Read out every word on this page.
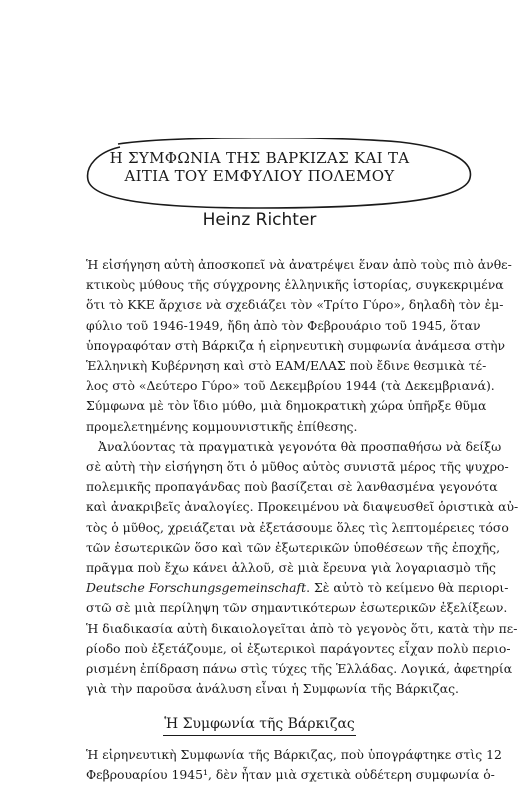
Η ΣΥΜΦΩΝΙΑ ΤΗΣ ΒΑΡΚΙΖΑΣ ΚΑΙ ΤΑ
ΑΙΤΙΑ ΤΟΥ ΕΜΦΥΛΙΟΥ ΠΟΛΕΜΟΥ
Heinz Richter

Ἡ εἰσήγηση αὐτὴ ἀποσκοπεῖ νὰ ἀνατρέψει ἕναν ἀπὸ τοὺς πιὸ ἀνθε-
κτικοὺς μύθους τῆς σύγχρονης ἑλληνικῆς ἱστορίας, συγκεκριμένα
ὅτι τὸ ΚΚΕ ἄρχισε νὰ σχεδιάζει τὸν «Τρίτο Γύρο», δηλαδὴ τὸν ἐμ-
φύλιο τοῦ 1946-1949, ἤδη ἀπὸ τὸν Φεβρουάριο τοῦ 1945, ὅταν
ὑπογραφόταν στὴ Βάρκιζα ἡ εἰρηνευτικὴ συμφωνία ἀνάμεσα στὴν
Ἑλληνικὴ Κυβέρνηση καὶ στὸ ΕΑΜ/ΕΛΑΣ ποὺ ἔδινε θεσμικὰ τέ-
λος στὸ «Δεύτερο Γύρο» τοῦ Δεκεμβρίου 1944 (τὰ Δεκεμβριανά).
Σύμφωνα μὲ τὸν ἴδιο μύθο, μιὰ δημοκρατικὴ χώρα ὑπῆρξε θῦμα
προμελετημένης κομμουνιστικῆς ἐπίθεσης.

Ἀναλύοντας τὰ πραγματικὰ γεγονότα θὰ προσπαθήσω νὰ δείξω
σὲ αὐτὴ τὴν εἰσήγηση ὅτι ὁ μῦθος αὐτὸς συνιστᾶ μέρος τῆς ψυχρο-
πολεμικῆς προπαγάνδας ποὺ βασίζεται σὲ λανθασμένα γεγονότα
καὶ ἀνακριβεῖς ἀναλογίες. Προκειμένου νὰ διαψευσθεῖ ὁριστικὰ αὐ-
τὸς ὁ μῦθος, χρειάζεται νὰ ἐξετάσουμε ὅλες τὶς λεπτομέρειες τόσο
τῶν ἐσωτερικῶν ὅσο καὶ τῶν ἐξωτερικῶν ὑποθέσεων τῆς ἐποχῆς,
πρᾶγμα ποὺ ἔχω κάνει ἀλλοῦ, σὲ μιὰ ἔρευνα γιὰ λογαριασμὸ τῆς
Deutsche Forschungsgemeinschaft. Σὲ αὐτὸ τὸ κείμενο θὰ περιορι-
στῶ σὲ μιὰ περίληψη τῶν σημαντικότερων ἐσωτερικῶν ἐξελίξεων.
Ἡ διαδικασία αὐτὴ δικαιολογεῖται ἀπὸ τὸ γεγονὸς ὅτι, κατὰ τὴν πε-
ρίοδο ποὺ ἐξετάζουμε, οἱ ἐξωτερικοὶ παράγοντες εἶχαν πολὺ περιο-
ρισμένη ἐπίδραση πάνω στὶς τύχες τῆς Ἑλλάδας. Λογικά, ἀφετηρία
γιὰ τὴν παροῦσα ἀνάλυση εἶναι ἡ Συμφωνία τῆς Βάρκιζας.

Ἡ Συμφωνία τῆς Βάρκιζας
Ἡ εἰρηνευτικὴ Συμφωνία τῆς Βάρκιζας, ποὺ ὑπογράφτηκε στὶς 12
Φεβρουαρίου 1945¹, δὲν ἦταν μιὰ σχετικὰ οὐδέτερη συμφωνία ὁ-
